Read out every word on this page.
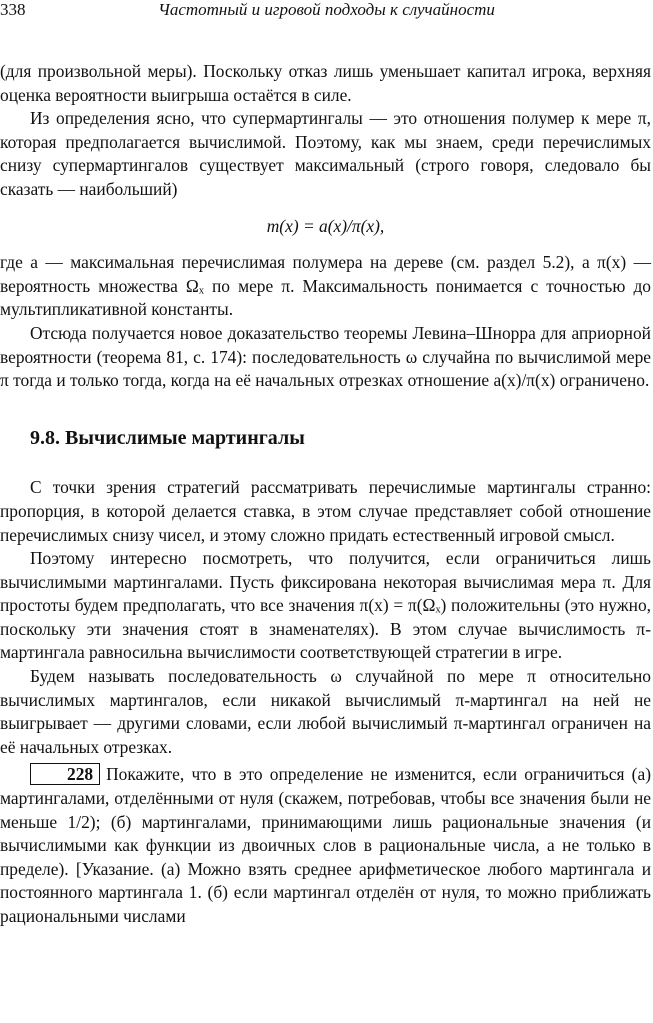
338	Частотный и игровой подходы к случайности

(для произвольной меры). Поскольку отказ лишь уменьшает капитал игрока, верхняя оценка вероятности выигрыша остаётся в силе.

Из определения ясно, что супермартингалы — это отношения полумер к мере π, которая предполагается вычислимой. Поэтому, как мы знаем, среди перечислимых снизу супермартингалов существует максимальный (строго говоря, следовало бы сказать — наибольший)

m(x) = a(x)/π(x),

где a — максимальная перечислимая полумера на дереве (см. раздел 5.2), а π(x) — вероятность множества Ωₓ по мере π. Максимальность понимается с точностью до мультипликативной константы.

Отсюда получается новое доказательство теоремы Левина–Шнорра для априорной вероятности (теорема 81, с. 174): последовательность ω случайна по вычислимой мере π тогда и только тогда, когда на её начальных отрезках отношение a(x)/π(x) ограничено.

9.8. Вычислимые мартингалы

С точки зрения стратегий рассматривать перечислимые мартингалы странно: пропорция, в которой делается ставка, в этом случае представляет собой отношение перечислимых снизу чисел, и этому сложно придать естественный игровой смысл.

Поэтому интересно посмотреть, что получится, если ограничиться лишь вычислимыми мартингалами. Пусть фиксирована некоторая вычислимая мера π. Для простоты будем предполагать, что все значения π(x) = π(Ωₓ) положительны (это нужно, поскольку эти значения стоят в знаменателях). В этом случае вычислимость π-мартингала равносильна вычислимости соответствующей стратегии в игре.

Будем называть последовательность ω случайной по мере π относительно вычислимых мартингалов, если никакой вычислимый π-мартингал на ней не выигрывает — другими словами, если любой вычислимый π-мартингал ограничен на её начальных отрезках.

228 Покажите, что в это определение не изменится, если ограничиться (а) мартингалами, отделёнными от нуля (скажем, потребовав, чтобы все значения были не меньше 1/2); (б) мартингалами, принимающими лишь рациональные значения (и вычислимыми как функции из двоичных слов в рациональные числа, а не только в пределе). [Указание. (а) Можно взять среднее арифметическое любого мартингала и постоянного мартингала 1. (б) если мартингал отделён от нуля, то можно приближать рациональными числами
